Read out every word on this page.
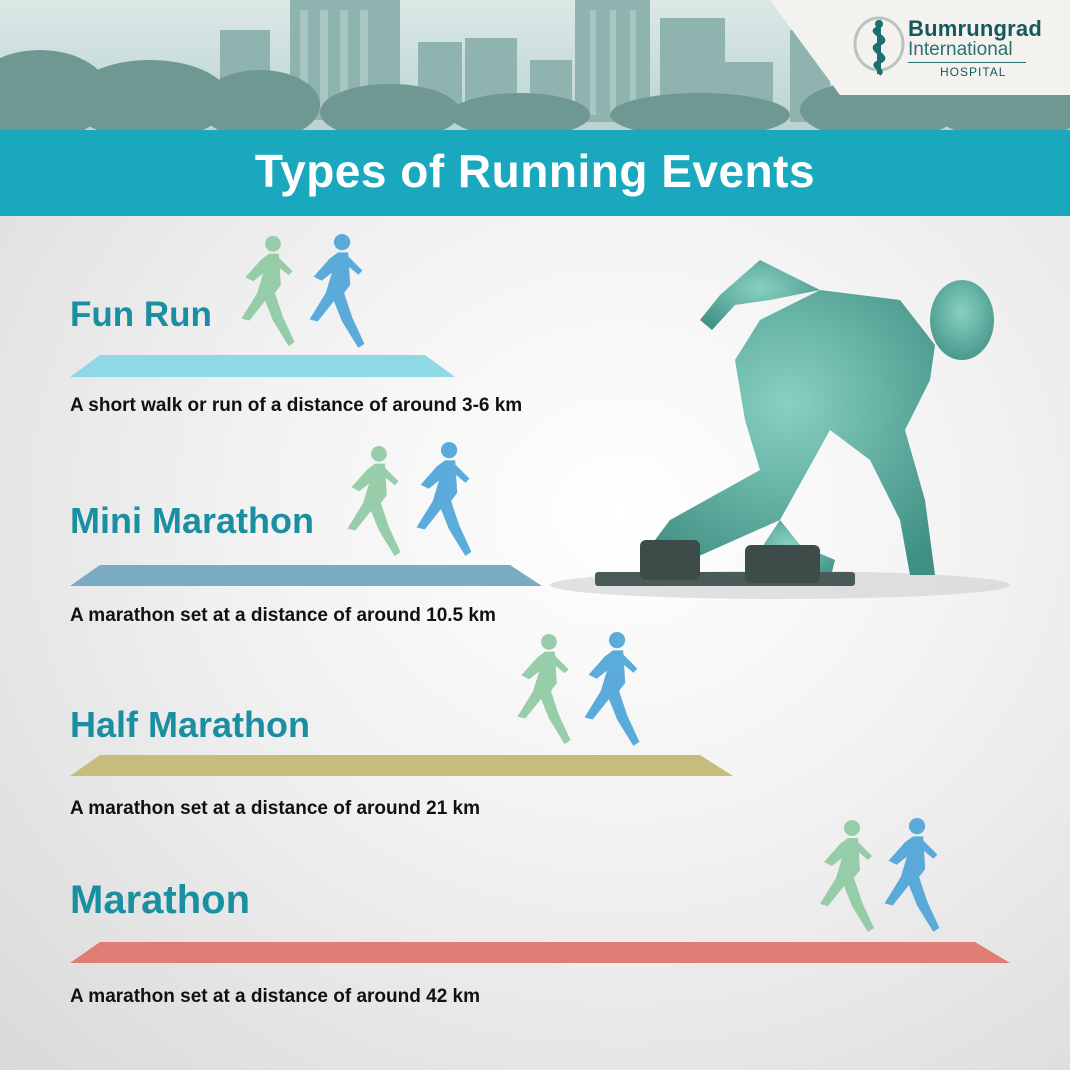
Bumrungrad
International
HOSPITAL
Types of Running Events
Fun Run
A short walk or run of a distance of around 3-6 km
Mini Marathon
A marathon set at a distance of around 10.5 km
Half Marathon
A marathon set at a distance of around 21 km
Marathon
A marathon set at a distance of around 42 km
